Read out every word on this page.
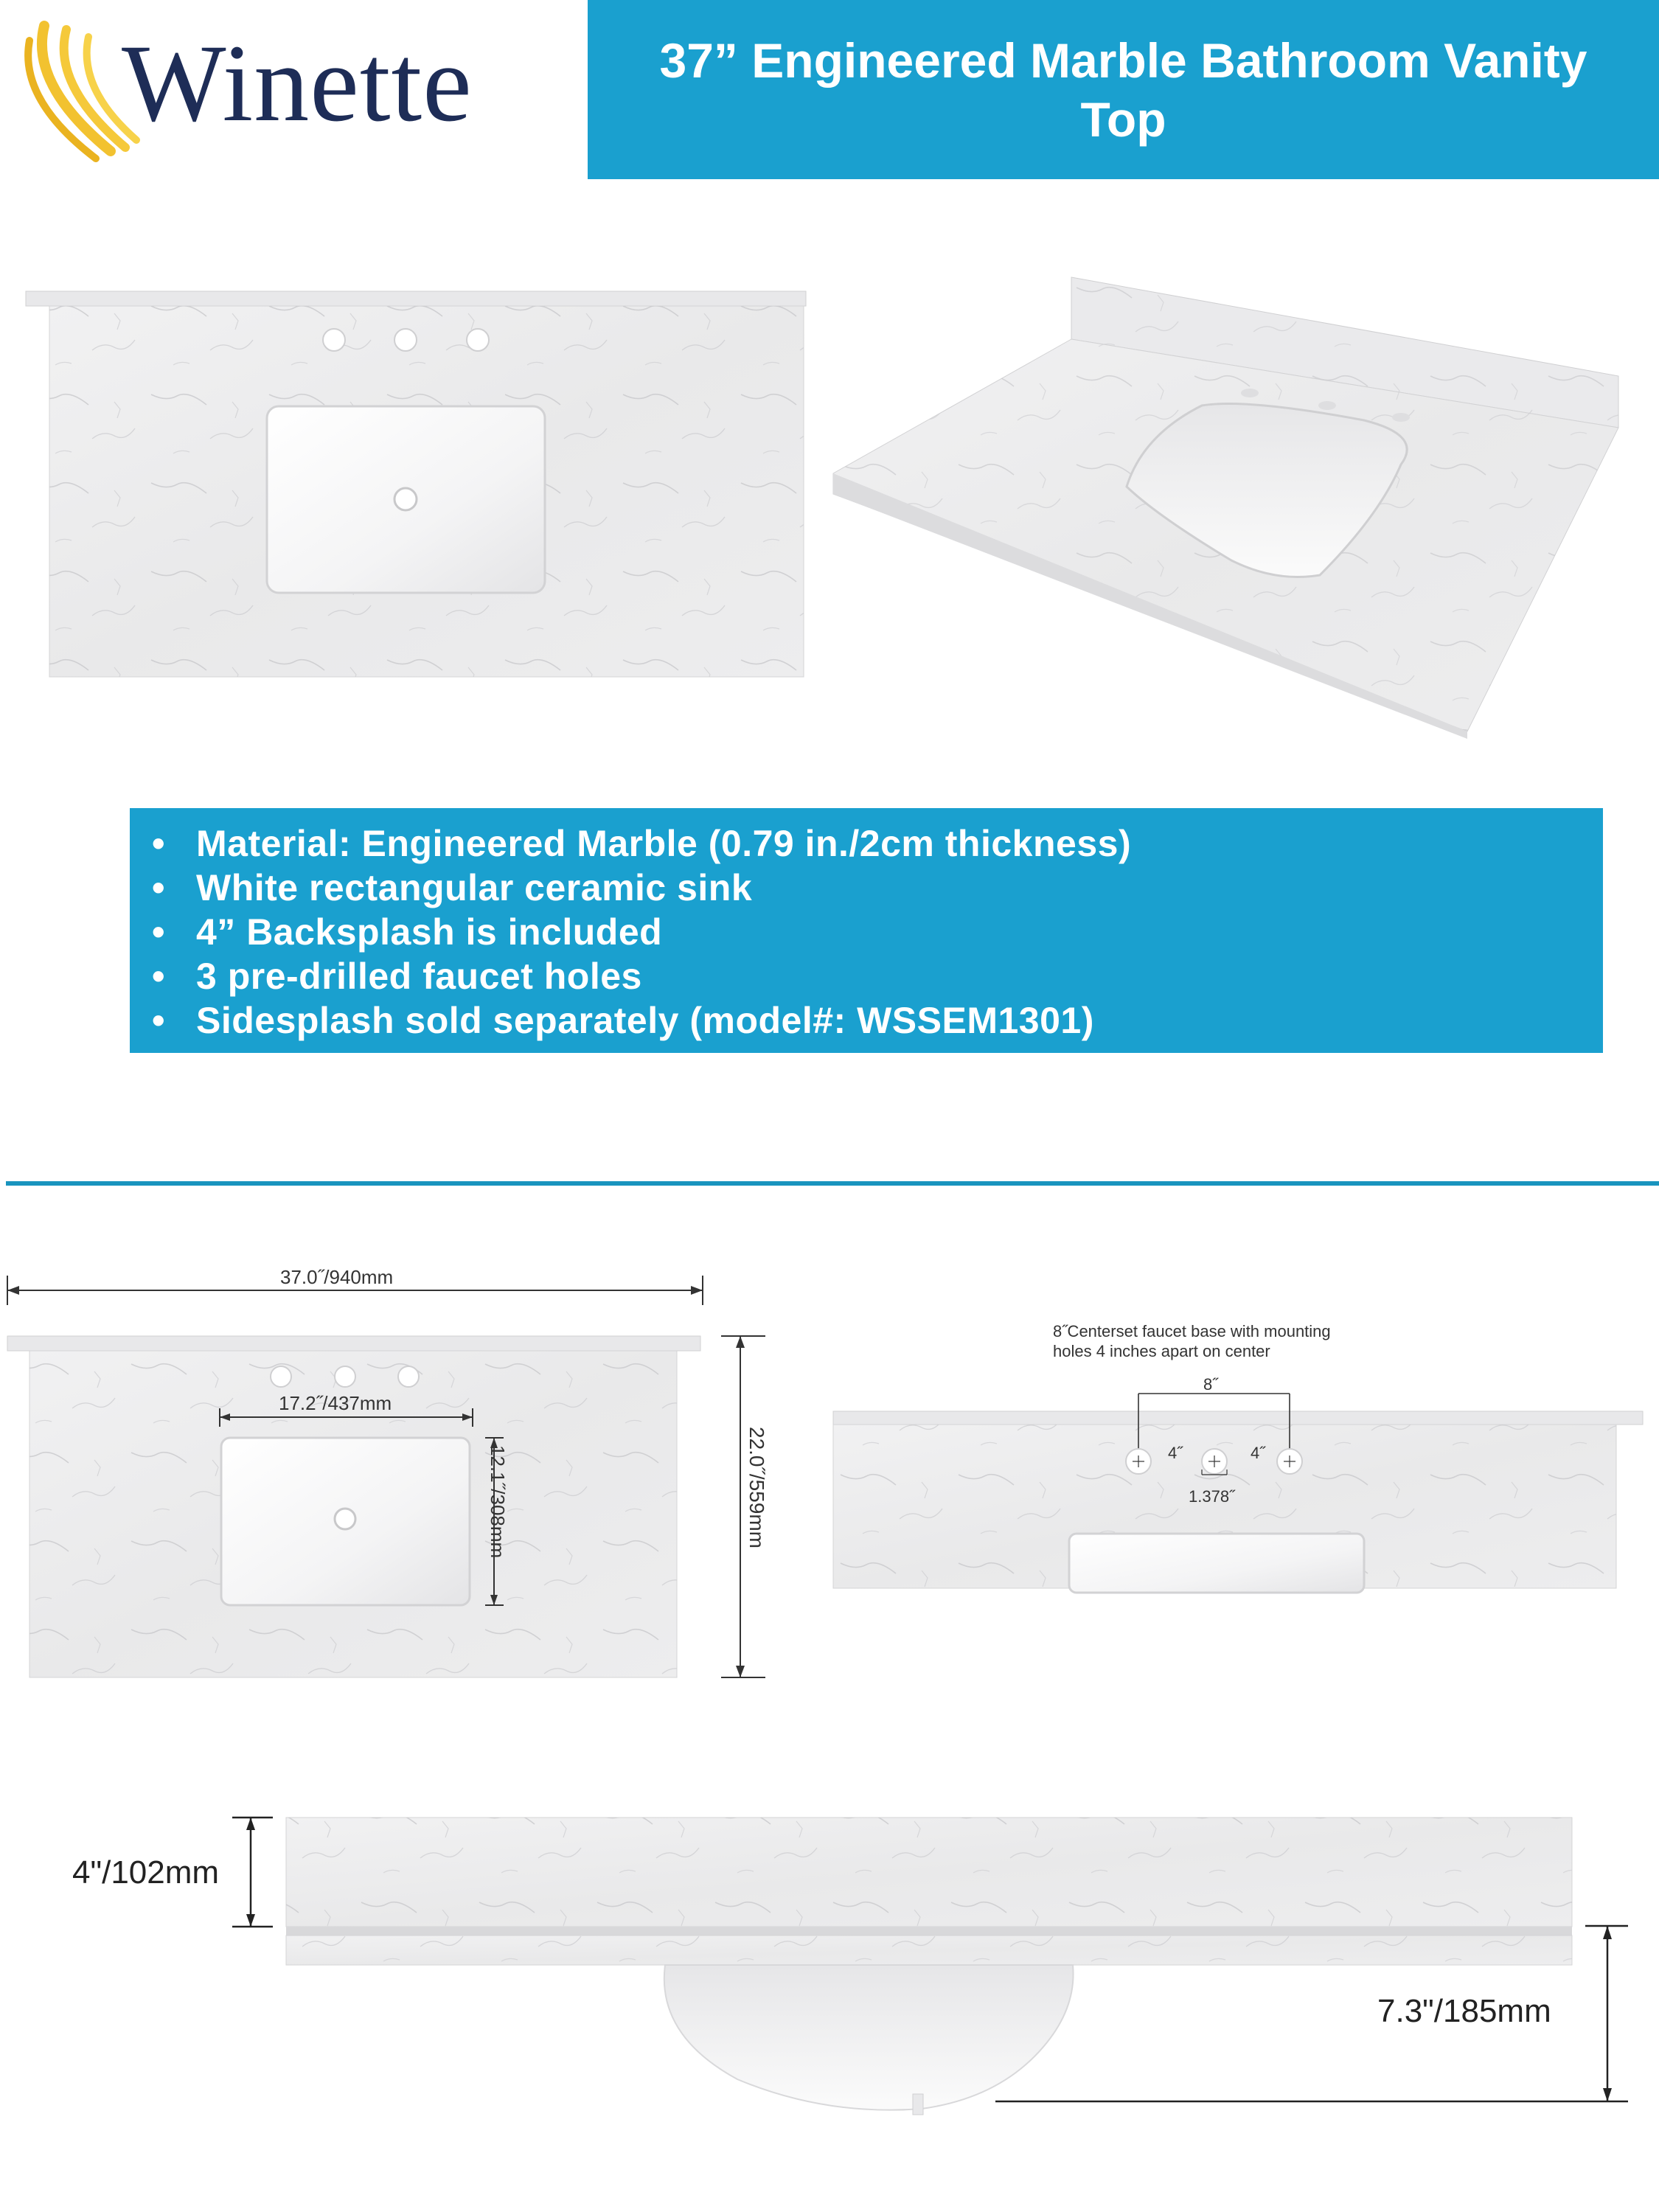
Winette	37” Engineered Marble Bathroom Vanity Top
• Material: Engineered Marble (0.79 in./2cm thickness)
• White rectangular ceramic sink
• 4” Backsplash is included
• 3 pre-drilled faucet holes
• Sidesplash sold separately (model#: WSSEM1301)
37.0˝/940mm
17.2˝/437mm
12.1˝/308mm	22.0˝/559mm
8˝Centerset faucet base with mounting
holes 4 inches apart on center
8˝
4˝	4˝
1.378˝
4"/102mm
7.3"/185mm
